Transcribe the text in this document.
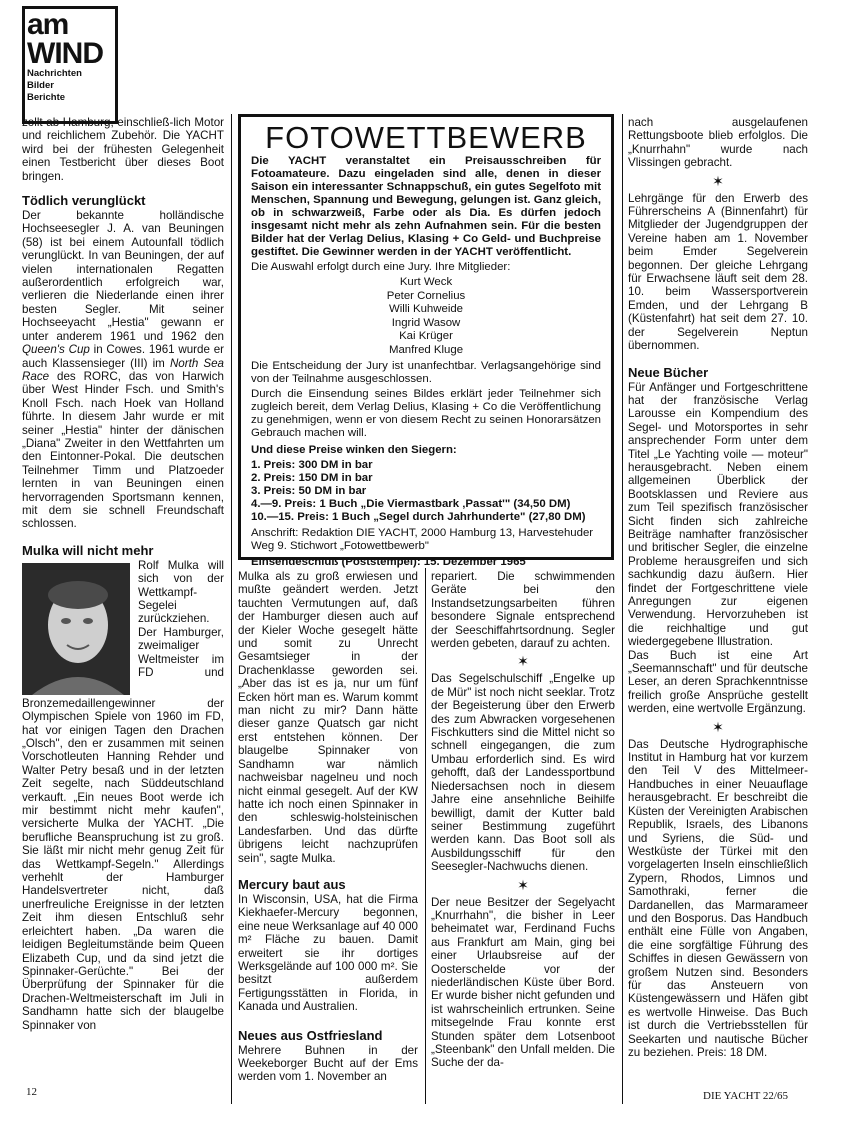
am
WIND
Nachrichten
Bilder
Berichte

zollt ab Hamburg, einschließ-lich Motor und reichlichem Zubehör. Die YACHT wird bei der frühesten Gelegenheit einen Testbericht über dieses Boot bringen.

Tödlich verunglückt

Der bekannte holländische Hochseesegler J. A. van Beuningen (58) ist bei einem Autounfall tödlich verunglückt. In van Beuningen, der auf vielen internationalen Regatten außerordentlich erfolgreich war, verlieren die Niederlande einen ihrer besten Segler. Mit seiner Hochseeyacht „Hestia" gewann er unter anderem 1961 und 1962 den Queen's Cup in Cowes. 1961 wurde er auch Klassensieger (III) im North Sea Race des RORC, das von Harwich über West Hinder Fsch. und Smith's Knoll Fsch. nach Hoek van Holland führte. In diesem Jahr wurde er mit seiner „Hestia" hinter der dänischen „Diana" Zweiter in den Wettfahrten um den Eintonner-Pokal. Die deutschen Teilnehmer Timm und Platzoeder lernten in van Beuningen einen hervorragenden Sportsmann kennen, mit dem sie schnell Freundschaft schlossen.

Mulka will nicht mehr

Rolf Mulka will sich von der Wettkampf-Segelei zurückziehen. Der Hamburger, zweimaliger Weltmeister im FD und Bronzemedaillengewinner der Olympischen Spiele von 1960 im FD, hat vor einigen Tagen den Drachen „Olsch", den er zusammen mit seinen Vorschotleuten Hanning Rehder und Walter Petry besaß und in der letzten Zeit segelte, nach Süddeutschland verkauft. „Ein neues Boot werde ich mir bestimmt nicht mehr kaufen", versicherte Mulka der YACHT. „Die berufliche Beanspruchung ist zu groß. Sie läßt mir nicht mehr genug Zeit für das Wettkampf-Segeln." Allerdings verhehlt der Hamburger Handelsvertreter nicht, daß unerfreuliche Ereignisse in der letzten Zeit ihm diesen Entschluß sehr erleichtert haben. „Da waren die leidigen Begleitumstände beim Queen Elizabeth Cup, und da sind jetzt die Spinnaker-Gerüchte." Bei der Überprüfung der Spinnaker für die Drachen-Weltmeisterschaft im Juli in Sandhamn hatte sich der blaugelbe Spinnaker von

FOTOWETTBEWERB
Die YACHT veranstaltet ein Preisausschreiben für Fotoamateure. Dazu eingeladen sind alle, denen in dieser Saison ein interessanter Schnappschuß, ein gutes Segelfoto mit Menschen, Spannung und Bewegung, gelungen ist. Ganz gleich, ob in schwarzweiß, Farbe oder als Dia. Es dürfen jedoch insgesamt nicht mehr als zehn Aufnahmen sein. Für die besten Bilder hat der Verlag Delius, Klasing + Co Geld- und Buchpreise gestiftet. Die Gewinner werden in der YACHT veröffentlicht.
Die Auswahl erfolgt durch eine Jury. Ihre Mitglieder:
Kurt Weck
Peter Cornelius
Willi Kuhweide
Ingrid Wasow
Kai Krüger
Manfred Kluge
Die Entscheidung der Jury ist unanfechtbar. Verlagsangehörige sind von der Teilnahme ausgeschlossen.
Durch die Einsendung seines Bildes erklärt jeder Teilnehmer sich zugleich bereit, dem Verlag Delius, Klasing + Co die Veröffentlichung zu genehmigen, wenn er von diesem Recht zu seinen Honorarsätzen Gebrauch machen will.
Und diese Preise winken den Siegern:
1. Preis: 300 DM in bar
2. Preis: 150 DM in bar
3. Preis: 50 DM in bar
4.—9. Preis: 1 Buch „Die Viermastbark ‚Passat'" (34,50 DM)
10.—15. Preis: 1 Buch „Segel durch Jahrhunderte" (27,80 DM)
Anschrift: Redaktion DIE YACHT, 2000 Hamburg 13, Harvestehuder Weg 9. Stichwort „Fotowettbewerb"
Einsendeschluß (Poststempel): 15. Dezember 1965

Mulka als zu groß erwiesen und mußte geändert werden. Jetzt tauchten Vermutungen auf, daß der Hamburger diesen auch auf der Kieler Woche gesegelt hätte und somit zu Unrecht Gesamtsieger in der Drachenklasse geworden sei. „Aber das ist es ja, nur um fünf Ecken hört man es. Warum kommt man nicht zu mir? Dann hätte dieser ganze Quatsch gar nicht erst entstehen können. Der blaugelbe Spinnaker von Sandhamn war nämlich nachweisbar nagelneu und noch nicht einmal gesegelt. Auf der KW hatte ich noch einen Spinnaker in den schleswig-holsteinischen Landesfarben. Und das dürfte übrigens leicht nachzuprüfen sein", sagte Mulka.

Mercury baut aus

In Wisconsin, USA, hat die Firma Kiekhaefer-Mercury begonnen, eine neue Werksanlage auf 40 000 m² Fläche zu bauen. Damit erweitert sie ihr dortiges Werksgelände auf 100 000 m². Sie besitzt außerdem Fertigungsstätten in Florida, in Kanada und Australien.

Neues aus Ostfriesland

Mehrere Buhnen in der Weekeborger Bucht auf der Ems werden vom 1. November an

repariert. Die schwimmenden Geräte bei den Instandsetzungsarbeiten führen besondere Signale entsprechend der Seeschiffahrtsordnung. Segler werden gebeten, darauf zu achten.

✶

Das Segelschulschiff „Engelke up de Mür" ist noch nicht seeklar. Trotz der Begeisterung über den Erwerb des zum Abwracken vorgesehenen Fischkutters sind die Mittel nicht so schnell eingegangen, die zum Umbau erforderlich sind. Es wird gehofft, daß der Landessportbund Niedersachsen noch in diesem Jahre eine ansehnliche Beihilfe bewilligt, damit der Kutter bald seiner Bestimmung zugeführt werden kann. Das Boot soll als Ausbildungsschiff für den Seesegler-Nachwuchs dienen.

✶

Der neue Besitzer der Segelyacht „Knurrhahn", die bisher in Leer beheimatet war, Ferdinand Fuchs aus Frankfurt am Main, ging bei einer Urlaubsreise auf der Oosterschelde vor der niederländischen Küste über Bord. Er wurde bisher nicht gefunden und ist wahrscheinlich ertrunken. Seine mitsegelnde Frau konnte erst Stunden später dem Lotsenboot „Steenbank" den Unfall melden. Die Suche der da-

nach ausgelaufenen Rettungsboote blieb erfolglos. Die „Knurrhahn" wurde nach Vlissingen gebracht.

✶

Lehrgänge für den Erwerb des Führerscheins A (Binnenfahrt) für Mitglieder der Jugendgruppen der Vereine haben am 1. November beim Emder Segelverein begonnen. Der gleiche Lehrgang für Erwachsene läuft seit dem 28. 10. beim Wassersportverein Emden, und der Lehrgang B (Küstenfahrt) hat seit dem 27. 10. der Segelverein Neptun übernommen.

Neue Bücher

Für Anfänger und Fortgeschrittene hat der französische Verlag Larousse ein Kompendium des Segel- und Motorsportes in sehr ansprechender Form unter dem Titel „Le Yachting voile — moteur" herausgebracht. Neben einem allgemeinen Überblick der Bootsklassen und Reviere aus zum Teil spezifisch französischer Sicht finden sich zahlreiche Beiträge namhafter französischer und britischer Segler, die einzelne Probleme herausgreifen und sich sachkundig dazu äußern. Hier findet der Fortgeschrittene viele Anregungen zur eigenen Verwendung. Hervorzuheben ist die reichhaltige und gut wiedergegebene Illustration.

Das Buch ist eine Art „Seemannschaft" und für deutsche Leser, an deren Sprachkenntnisse freilich große Ansprüche gestellt werden, eine wertvolle Ergänzung.

✶

Das Deutsche Hydrographische Institut in Hamburg hat vor kurzem den Teil V des Mittelmeer-Handbuches in einer Neuauflage herausgebracht. Er beschreibt die Küsten der Vereinigten Arabischen Republik, Israels, des Libanons und Syriens, die Süd- und Westküste der Türkei mit den vorgelagerten Inseln einschließlich Zypern, Rhodos, Limnos und Samothraki, ferner die Dardanellen, das Marmarameer und den Bosporus. Das Handbuch enthält eine Fülle von Angaben, die eine sorgfältige Führung des Schiffes in diesen Gewässern von großem Nutzen sind. Besonders für das Ansteuern von Küstengewässern und Häfen gibt es wertvolle Hinweise. Das Buch ist durch die Vertriebsstellen für Seekarten und nautische Bücher zu beziehen. Preis: 18 DM.

12	DIE YACHT 22/65
